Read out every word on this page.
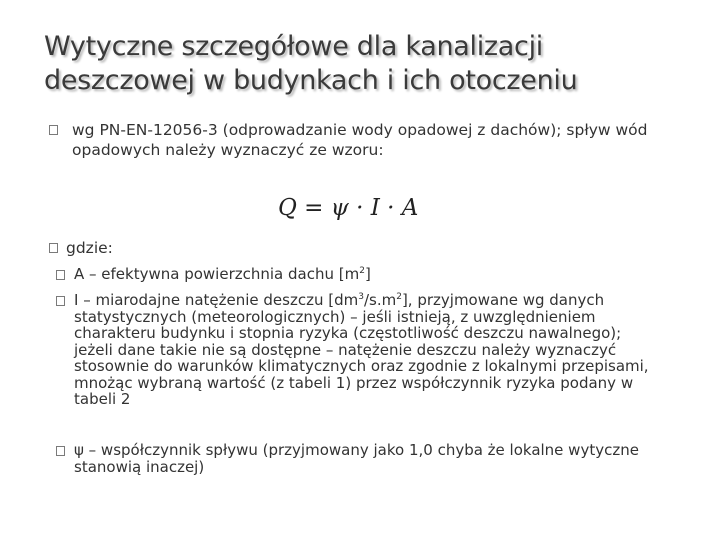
Wytyczne szczegółowe dla kanalizacji
deszczowej w budynkach i ich otoczeniu
wg PN-EN-12056-3 (odprowadzanie wody opadowej z dachów); spływ wód opadowych należy wyznaczyć ze wzoru:
Q = ψ · I · A
gdzie:
A – efektywna powierzchnia dachu $[m^2]$
I – miarodajne natężenie deszczu $[dm^3/s.m^2]$, przyjmowane wg danych statystycznych (meteorologicznych) – jeśli istnieją, z uwzględnieniem charakteru budynku i stopnia ryzyka (częstotliwość deszczu nawalnego); jeżeli dane takie nie są dostępne – natężenie deszczu należy wyznaczyć stosownie do warunków klimatycznych oraz zgodnie z lokalnymi przepisami, mnożąc wybraną wartość (z tabeli 1) przez współczynnik ryzyka podany w tabeli 2
ψ – współczynnik spływu (przyjmowany jako 1,0 chyba że lokalne wytyczne stanowią inaczej)
